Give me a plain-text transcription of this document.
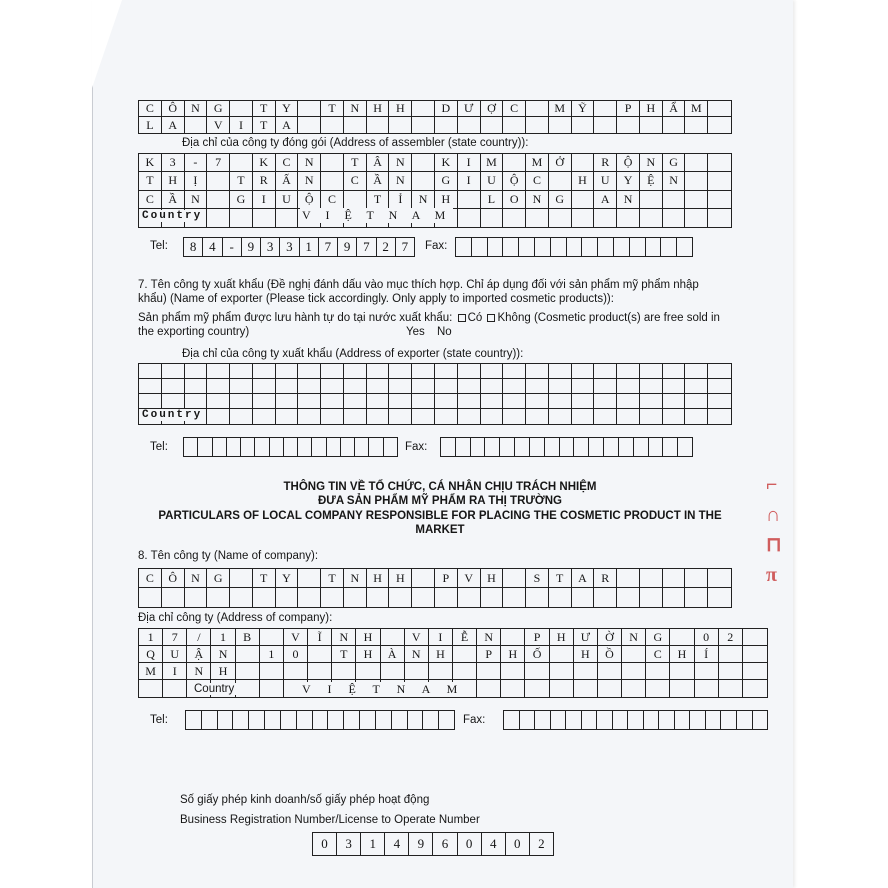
C	Ô	N	G	T	Y	T	N	H	H	D	Ư	Ợ	C	M	Ỹ	P	H	Ẩ	M
L	A	V	I	T	A
Địa chỉ của công ty đóng gói (Address of assembler (state country)):
K	3	-	7	K	C	N	T	Â	N	K	I	M	M	Ở	R	Ộ	N	G
T	H	Ị	T	R	Ấ	N	C	Ầ	N	G	I	U	Ộ	C	H	U	Y	Ệ	N
C	Ầ	N	G	I	U	Ộ	C	T	Ỉ	N	H	L	O	N	G	A	N
Country	V I Ệ T N A M
Tel:	8 4	-	9 3 3 1 7 9 7 2 7	Fax:
7. Tên công ty xuất khẩu (Đề nghị đánh dấu vào mục thích hợp. Chỉ áp dụng đối với sản phẩm mỹ phẩm nhập
khẩu) (Name of exporter (Please tick accordingly. Only apply to imported cosmetic products)):
Sản phẩm mỹ phẩm được lưu hành tự do tại nước xuất khẩu: Có Không (Cosmetic product(s) are free sold in
the exporting country)	Yes No
Địa chỉ của công ty xuất khẩu (Address of exporter (state country)):
Country
Tel:	Fax:
THÔNG TIN VỀ TỔ CHỨC, CÁ NHÂN CHỊU TRÁCH NHIỆM
ĐƯA SẢN PHẨM MỸ PHẨM RA THỊ TRƯỜNG
PARTICULARS OF LOCAL COMPANY RESPONSIBLE FOR PLACING THE COSMETIC PRODUCT IN THE
MARKET
8. Tên công ty (Name of company):
C	Ô	N	G	T	Y	T	N	H	H	P	V	H	S	T	A	R
Địa chỉ công ty (Address of company):
1	7	/	1	B	V	Ĩ	N	H	V	I	Ễ	N	P	H	Ư	Ờ	N	G	0	2
Q	U	Ậ	N	1	0	T	H	À	N	H	P	H	Ố	H	Ồ	C	H	Í
M	I	N	H
Country	V I Ệ T N A M
Tel:	Fax:
Số giấy phép kinh doanh/số giấy phép hoạt động
Business Registration Number/License to Operate Number
0	3	1	4	9	6	0	4	0	2
⌐
∩
⊓
π
